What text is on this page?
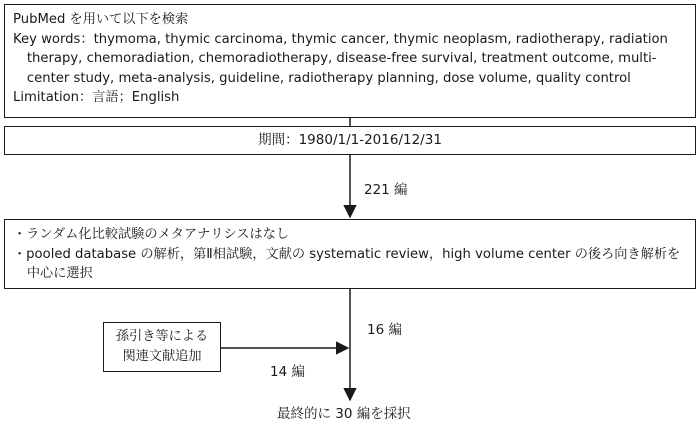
PubMed を用いて以下を検索
Key words：thymoma, thymic carcinoma, thymic cancer, thymic neoplasm, radiotherapy, radiation therapy, chemoradiation, chemoradiotherapy, disease-free survival, treatment outcome, multi-center study, meta-analysis, guideline, radiotherapy planning, dose volume, quality control
Limitation：言語；English
期間：1980/1/1-2016/12/31
221 編
・ランダム化比較試験のメタアナリシスはなし
・pooled database の解析，第Ⅱ相試験，文献の systematic review，high volume center の後ろ向き解析を中心に選択
16 編
孫引き等による
関連文献追加
14 編
最終的に 30 編を採択
